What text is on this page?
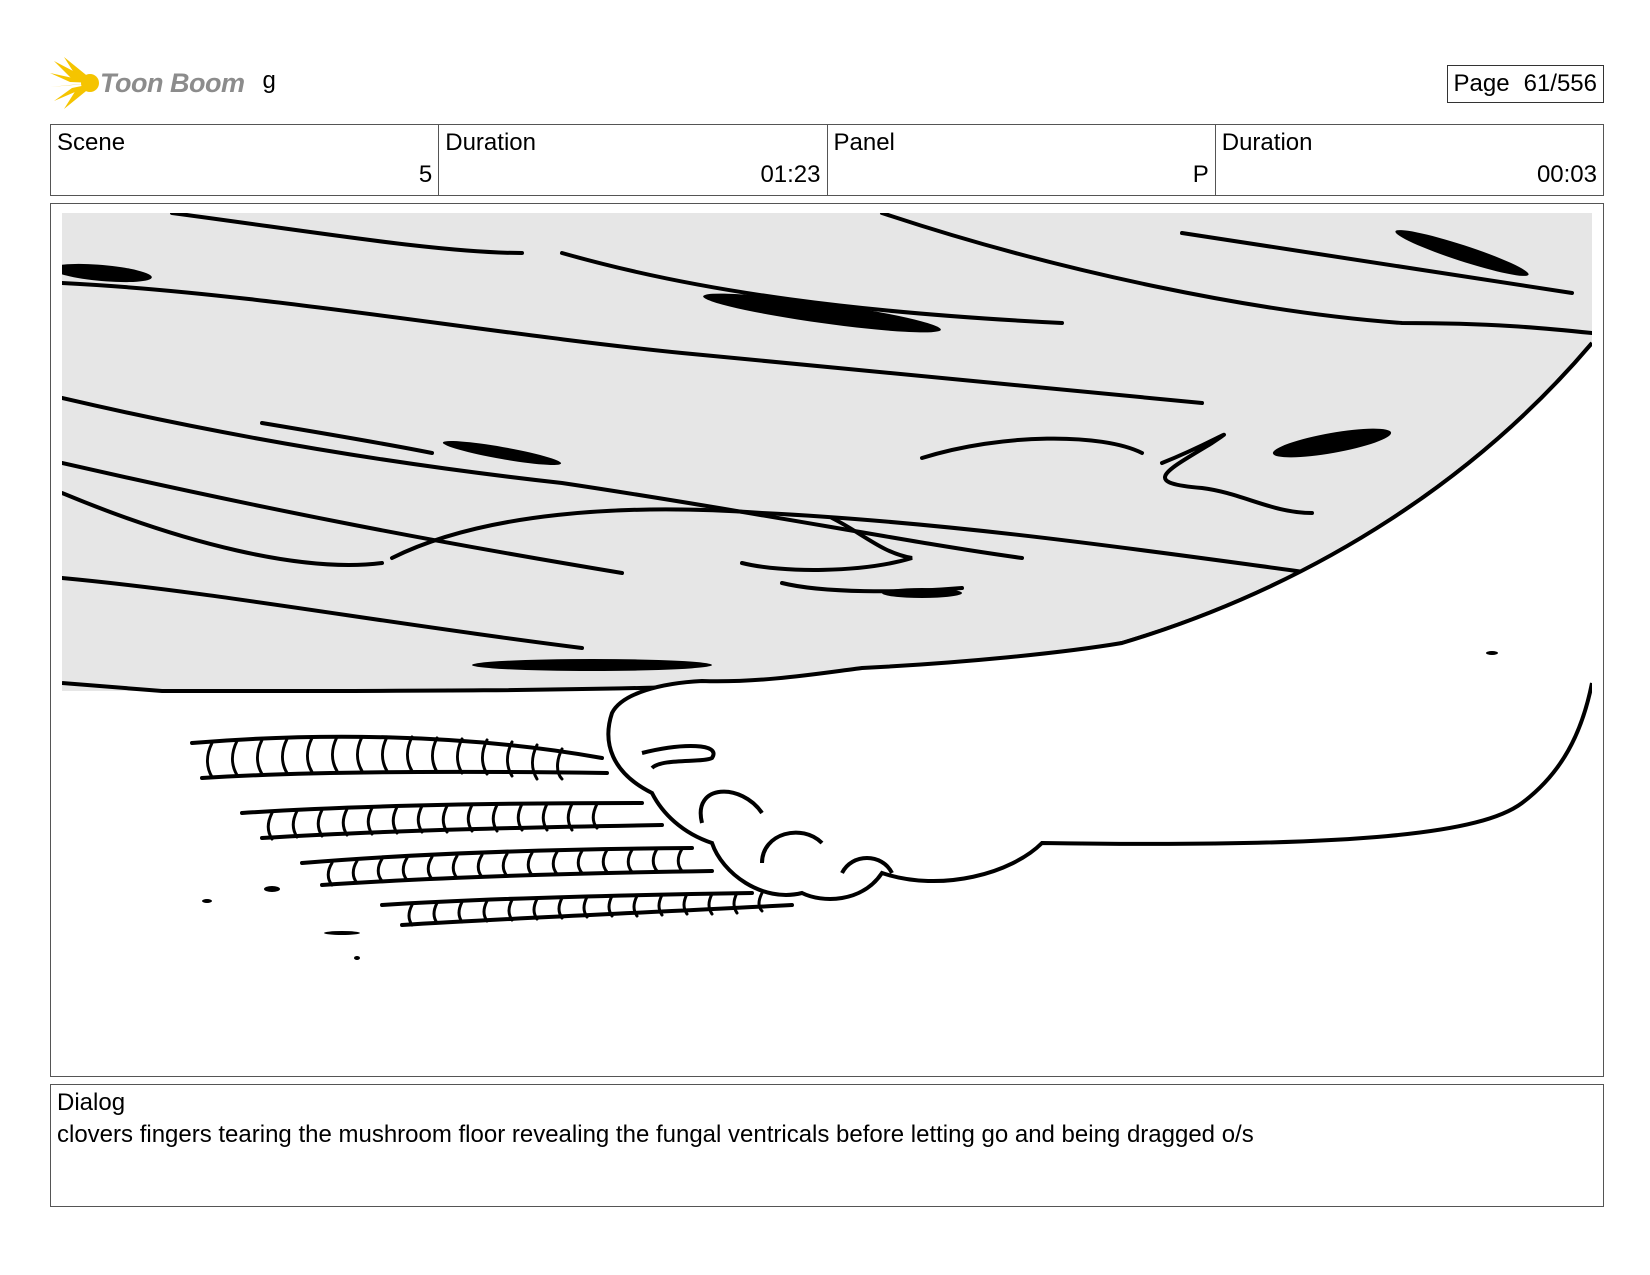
Toon Boom g	Page 61/556
Scene
5
Duration
01:23
Panel
P
Duration
00:03
Dialog
clovers fingers tearing the mushroom floor revealing the fungal ventricals before letting go and being dragged o/s
